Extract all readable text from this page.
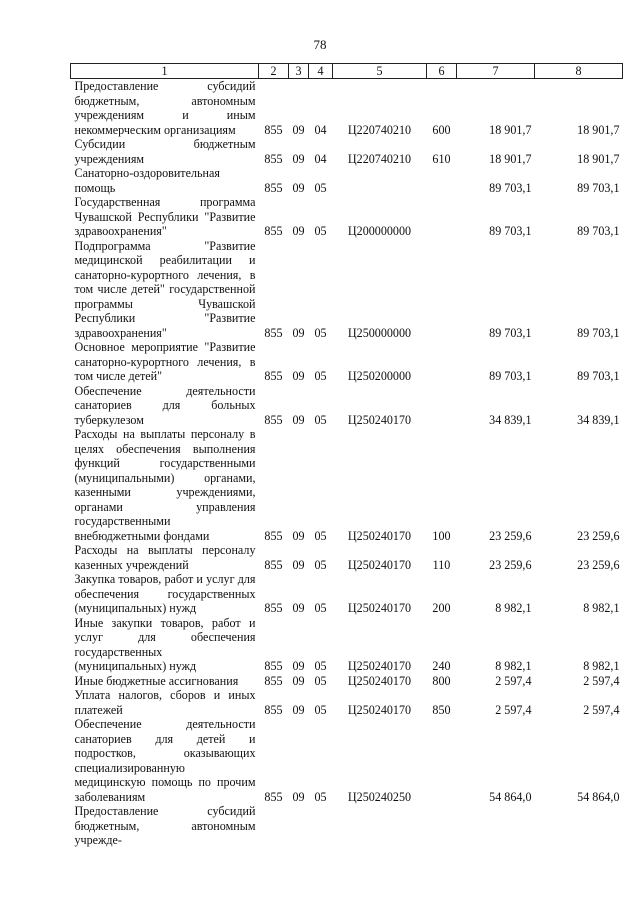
78
1	2	3	4	5	6	7	8
Предоставление субсидий бюджетным, автономным учреждениям и иным некоммерческим организациям	855	09	04	Ц220740210	600	18 901,7	18 901,7
Субсидии бюджетным учреждениям	855	09	04	Ц220740210	610	18 901,7	18 901,7
Санаторно-оздоровительная помощь	855	09	05			89 703,1	89 703,1
Государственная программа Чувашской Республики "Развитие здравоохранения"	855	09	05	Ц200000000		89 703,1	89 703,1
Подпрограмма "Развитие медицинской реабилитации и санаторно-курортного лечения, в том числе детей" государственной программы Чувашской Республики "Развитие здравоохранения"	855	09	05	Ц250000000		89 703,1	89 703,1
Основное мероприятие "Развитие санаторно-курортного лечения, в том числе детей"	855	09	05	Ц250200000		89 703,1	89 703,1
Обеспечение деятельности санаториев для больных туберкулезом	855	09	05	Ц250240170		34 839,1	34 839,1
Расходы на выплаты персоналу в целях обеспечения выполнения функций государственными (муниципальными) органами, казенными учреждениями, органами управления государственными внебюджетными фондами	855	09	05	Ц250240170	100	23 259,6	23 259,6
Расходы на выплаты персоналу казенных учреждений	855	09	05	Ц250240170	110	23 259,6	23 259,6
Закупка товаров, работ и услуг для обеспечения государственных (муниципальных) нужд	855	09	05	Ц250240170	200	8 982,1	8 982,1
Иные закупки товаров, работ и услуг для обеспечения государственных (муниципальных) нужд	855	09	05	Ц250240170	240	8 982,1	8 982,1
Иные бюджетные ассигнования	855	09	05	Ц250240170	800	2 597,4	2 597,4
Уплата налогов, сборов и иных платежей	855	09	05	Ц250240170	850	2 597,4	2 597,4
Обеспечение деятельности санаториев для детей и подростков, оказывающих специализированную медицинскую помощь по прочим заболеваниям	855	09	05	Ц250240250		54 864,0	54 864,0
Предоставление субсидий бюджетным, автономным учрежде-							
